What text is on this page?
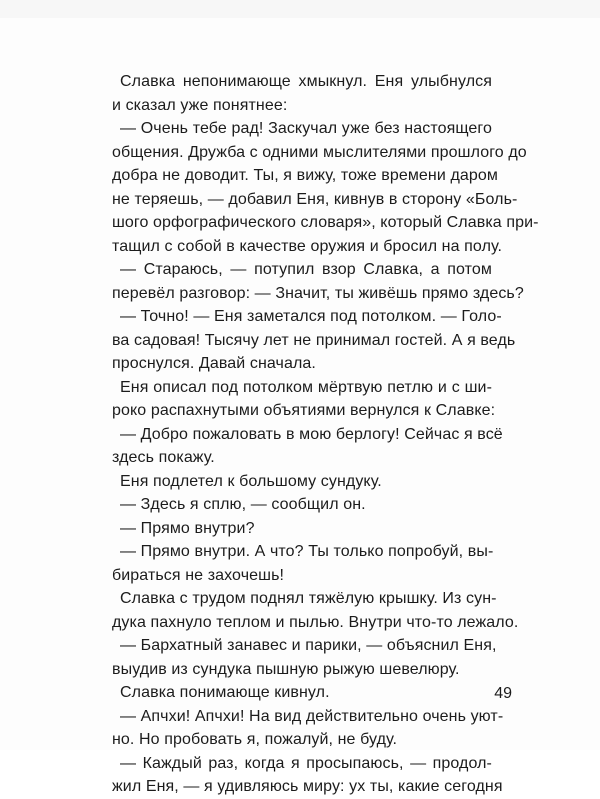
Славка непонимающе хмыкнул. Еня улыбнулся
и сказал уже понятнее:
— Очень тебе рад! Заскучал уже без настоящего
общения. Дружба с одними мыслителями прошлого до
добра не доводит. Ты, я вижу, тоже времени даром
не теряешь, — добавил Еня, кивнув в сторону «Боль-
шого орфографического словаря», который Славка при-
тащил с собой в качестве оружия и бросил на полу.
— Стараюсь, — потупил взор Славка, а потом
перевёл разговор: — Значит, ты живёшь прямо здесь?
— Точно! — Еня заметался под потолком. — Голо-
ва садовая! Тысячу лет не принимал гостей. А я ведь
проснулся. Давай сначала.
Еня описал под потолком мёртвую петлю и с ши-
роко распахнутыми объятиями вернулся к Славке:
— Добро пожаловать в мою берлогу! Сейчас я всё
здесь покажу.
Еня подлетел к большому сундуку.
— Здесь я сплю, — сообщил он.
— Прямо внутри?
— Прямо внутри. А что? Ты только попробуй, вы-
бираться не захочешь!
Славка с трудом поднял тяжёлую крышку. Из сун-
дука пахнуло теплом и пылью. Внутри что-то лежало.
— Бархатный занавес и парики, — объяснил Еня,
выудив из сундука пышную рыжую шевелюру.
Славка понимающе кивнул.
— Апчхи! Апчхи! На вид действительно очень уют-
но. Но пробовать я, пожалуй, не буду.
— Каждый раз, когда я просыпаюсь, — продол-
жил Еня, — я удивляюсь миру: ух ты, какие сегодня
49
